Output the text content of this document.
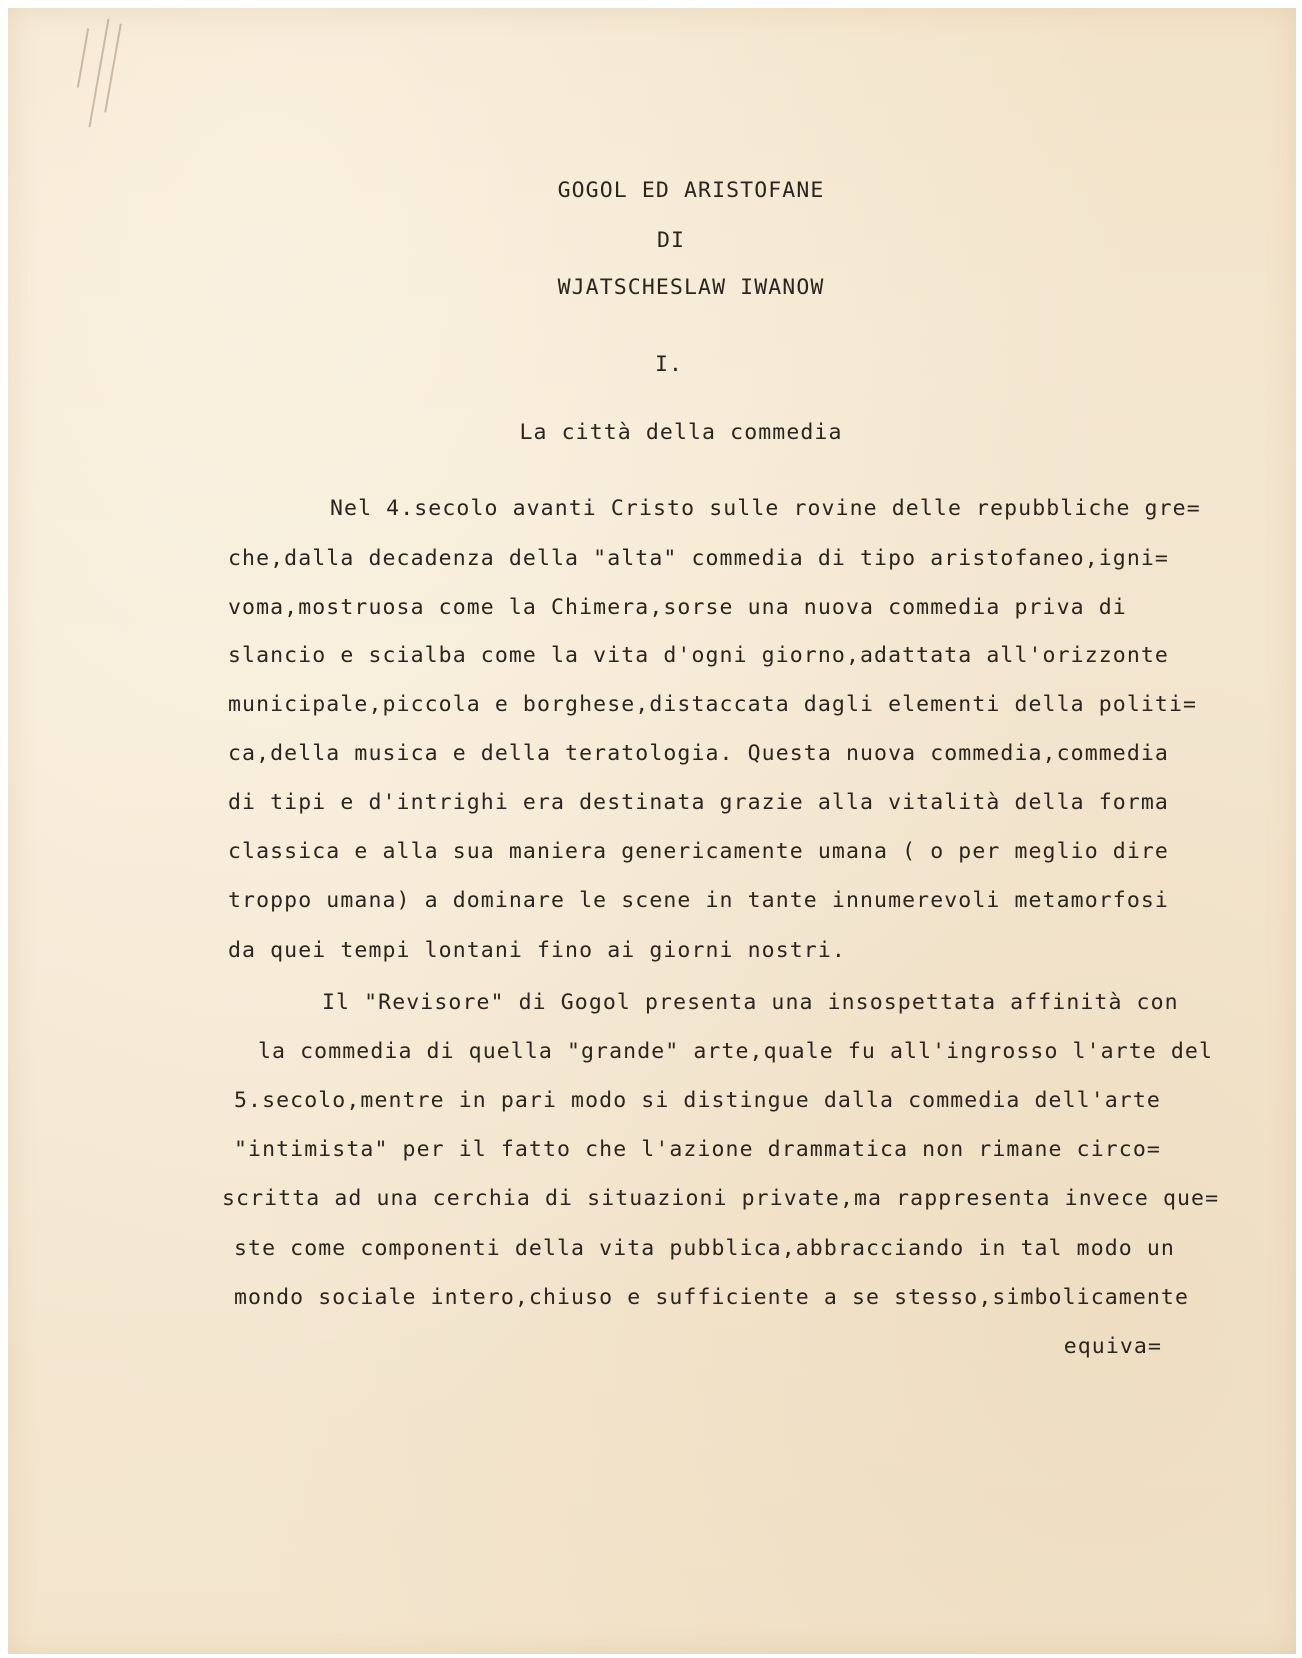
GOGOL ED ARISTOFANE
DI
WJATSCHESLAW IWANOW
I.
La città della commedia
Nel 4.secolo avanti Cristo sulle rovine delle repubbliche gre=
che,dalla decadenza della "alta" commedia di tipo aristofaneo,igni=
voma,mostruosa come la Chimera,sorse una nuova commedia priva di
slancio e scialba come la vita d'ogni giorno,adattata all'orizzonte
municipale,piccola e borghese,distaccata dagli elementi della politi=
ca,della musica e della teratologia. Questa nuova commedia,commedia
di tipi e d'intrighi era destinata grazie alla vitalità della forma
classica e alla sua maniera genericamente umana ( o per meglio dire
troppo umana) a dominare le scene in tante innumerevoli metamorfosi
da quei tempi lontani fino ai giorni nostri.
Il "Revisore" di Gogol presenta una insospettata affinità con
la commedia di quella "grande" arte,quale fu all'ingrosso l'arte del
5.secolo,mentre in pari modo si distingue dalla commedia dell'arte
"intimista" per il fatto che l'azione drammatica non rimane circo=
scritta ad una cerchia di situazioni private,ma rappresenta invece que=
ste come componenti della vita pubblica,abbracciando in tal modo un
mondo sociale intero,chiuso e sufficiente a se stesso,simbolicamente
equiva=
